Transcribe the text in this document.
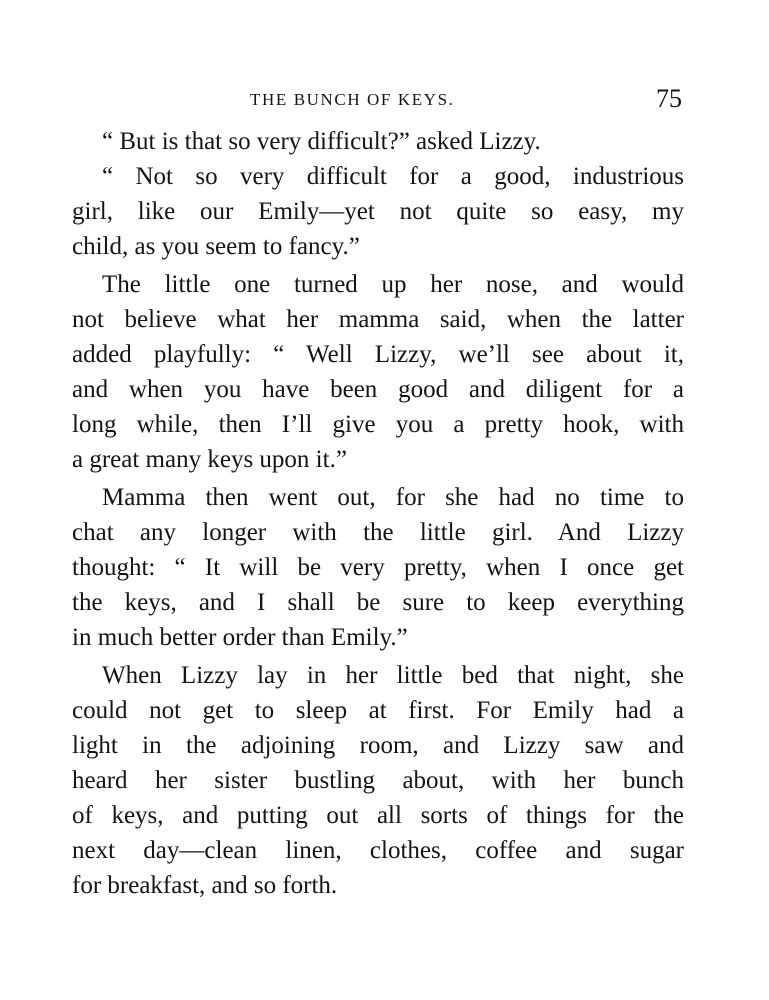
THE BUNCH OF KEYS.	75
“ But is that so very difficult?” asked Lizzy.
“ Not so very difficult for a good, industrious
girl, like our Emily—yet not quite so easy, my
child, as you seem to fancy.”
The little one turned up her nose, and would
not believe what her mamma said, when the latter
added playfully: “ Well Lizzy, we’ll see about it,
and when you have been good and diligent for a
long while, then I’ll give you a pretty hook, with
a great many keys upon it.”
Mamma then went out, for she had no time to
chat any longer with the little girl. And Lizzy
thought: “ It will be very pretty, when I once get
the keys, and I shall be sure to keep everything
in much better order than Emily.”
When Lizzy lay in her little bed that night, she
could not get to sleep at first. For Emily had a
light in the adjoining room, and Lizzy saw and
heard her sister bustling about, with her bunch
of keys, and putting out all sorts of things for the
next day—clean linen, clothes, coffee and sugar
for breakfast, and so forth.
